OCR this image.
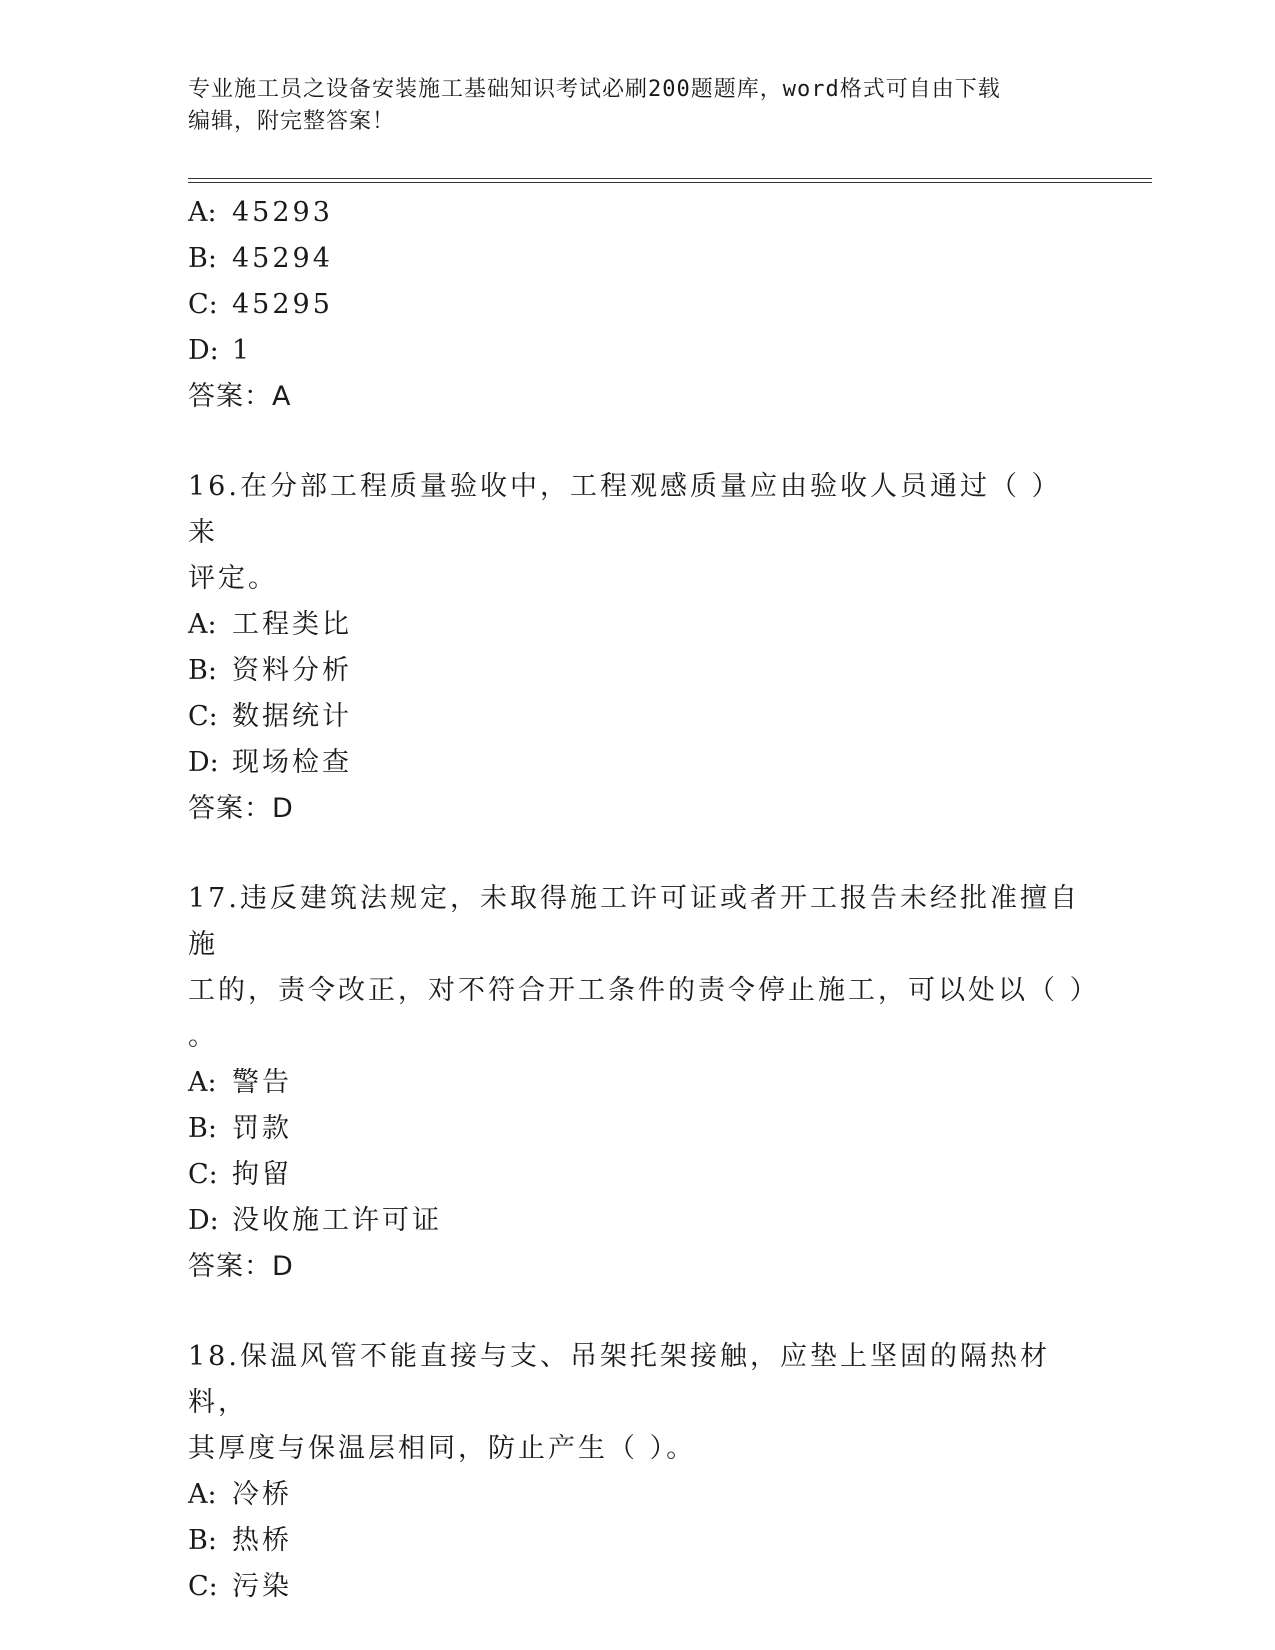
专业施工员之设备安装施工基础知识考试必刷200题题库，word格式可自由下载
编辑，附完整答案！
A: 45293
B: 45294
C: 45295
D: 1
答案：A
16.在分部工程质量验收中，工程观感质量应由验收人员通过（ ）来
评定。
A: 工程类比
B: 资料分析
C: 数据统计
D: 现场检查
答案：D
17.违反建筑法规定，未取得施工许可证或者开工报告未经批准擅自施
工的，责令改正，对不符合开工条件的责令停止施工，可以处以（ ）
。
A: 警告
B: 罚款
C: 拘留
D: 没收施工许可证
答案：D
18.保温风管不能直接与支、吊架托架接触，应垫上坚固的隔热材料，
其厚度与保温层相同，防止产生（ ）。
A: 冷桥
B: 热桥
C: 污染
